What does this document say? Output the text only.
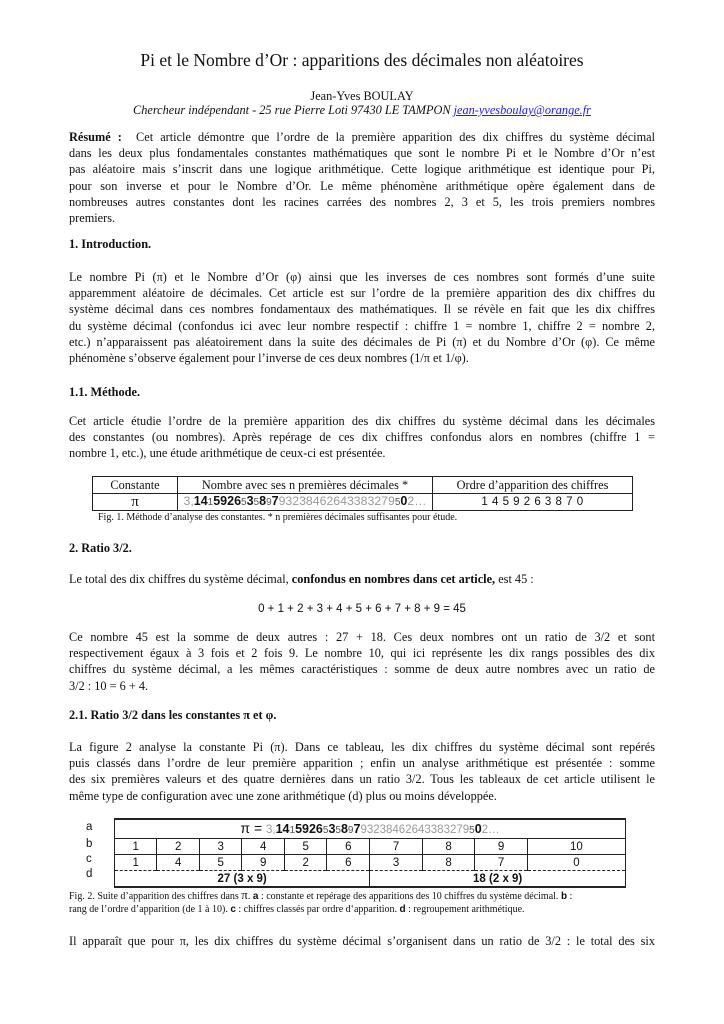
Pi et le Nombre d’Or : apparitions des décimales non aléatoires
Jean-Yves BOULAY
Chercheur indépendant - 25 rue Pierre Loti 97430 LE TAMPON jean-yvesboulay@orange.fr
Résumé : Cet article démontre que l’ordre de la première apparition des dix chiffres du système décimal
dans les deux plus fondamentales constantes mathématiques que sont le nombre Pi et le Nombre d’Or n’est
pas aléatoire mais s’inscrit dans une logique arithmétique. Cette logique arithmétique est identique pour Pi,
pour son inverse et pour le Nombre d’Or. Le même phénomène arithmétique opère également dans de
nombreuses autres constantes dont les racines carrées des nombres 2, 3 et 5, les trois premiers nombres
premiers.
1. Introduction.
Le nombre Pi (π) et le Nombre d’Or (φ) ainsi que les inverses de ces nombres sont formés d’une suite
apparemment aléatoire de décimales. Cet article est sur l’ordre de la première apparition des dix chiffres du
système décimal dans ces nombres fondamentaux des mathématiques. Il se révèle en fait que les dix chiffres
du système décimal (confondus ici avec leur nombre respectif : chiffre 1 = nombre 1, chiffre 2 = nombre 2,
etc.) n’apparaissent pas aléatoirement dans la suite des décimales de Pi (π) et du Nombre d’Or (φ). Ce même
phénomène s’observe également pour l’inverse de ces deux nombres (1/π et 1/φ).
1.1. Méthode.
Cet article étudie l’ordre de la première apparition des dix chiffres du système décimal dans les décimales
des constantes (ou nombres). Après repérage de ces dix chiffres confondus alors en nombres (chiffre 1 =
nombre 1, etc.), une étude arithmétique de ceux-ci est présentée.
Constante	Nombre avec ses n premières décimales *	Ordre d’apparition des chiffres
π	3,141592653589793238462643383279502…	1 4 5 9 2 6 3 8 7 0
Fig. 1. Méthode d’analyse des constantes. * n premières décimales suffisantes pour étude.
2. Ratio 3/2.
Le total des dix chiffres du système décimal, confondus en nombres dans cet article, est 45 :
0 + 1 + 2 + 3 + 4 + 5 + 6 + 7 + 8 + 9 = 45
Ce nombre 45 est la somme de deux autres : 27 + 18. Ces deux nombres ont un ratio de 3/2 et sont
respectivement égaux à 3 fois et 2 fois 9. Le nombre 10, qui ici représente les dix rangs possibles des dix
chiffres du système décimal, a les mêmes caractéristiques : somme de deux autre nombres avec un ratio de
3/2 : 10 = 6 + 4.
2.1. Ratio 3/2 dans les constantes π et φ.
La figure 2 analyse la constante Pi (π). Dans ce tableau, les dix chiffres du système décimal sont repérés
puis classés dans l’ordre de leur première apparition ; enfin un analyse arithmétique est présentée : somme
des six premières valeurs et des quatre dernières dans un ratio 3/2. Tous les tableaux de cet article utilisent le
même type de configuration avec une zone arithmétique (d) plus ou moins développée.
a
b
c
d
π = 3,141592653589793238462643383279502…									
1	2	3	4	5	6	7	8	9	10
1	4	5	9	2	6	3	8	7	0
27 (3 x 9)						18 (2 x 9)			
Fig. 2. Suite d’apparition des chiffres dans π. a : constante et repérage des apparitions des 10 chiffres du système décimal. b :
rang de l’ordre d’apparition (de 1 à 10). c : chiffres classés par ordre d‘apparition. d : regroupement arithmétique.
Il apparaît que pour π, les dix chiffres du système décimal s’organisent dans un ratio de 3/2 : le total des six
